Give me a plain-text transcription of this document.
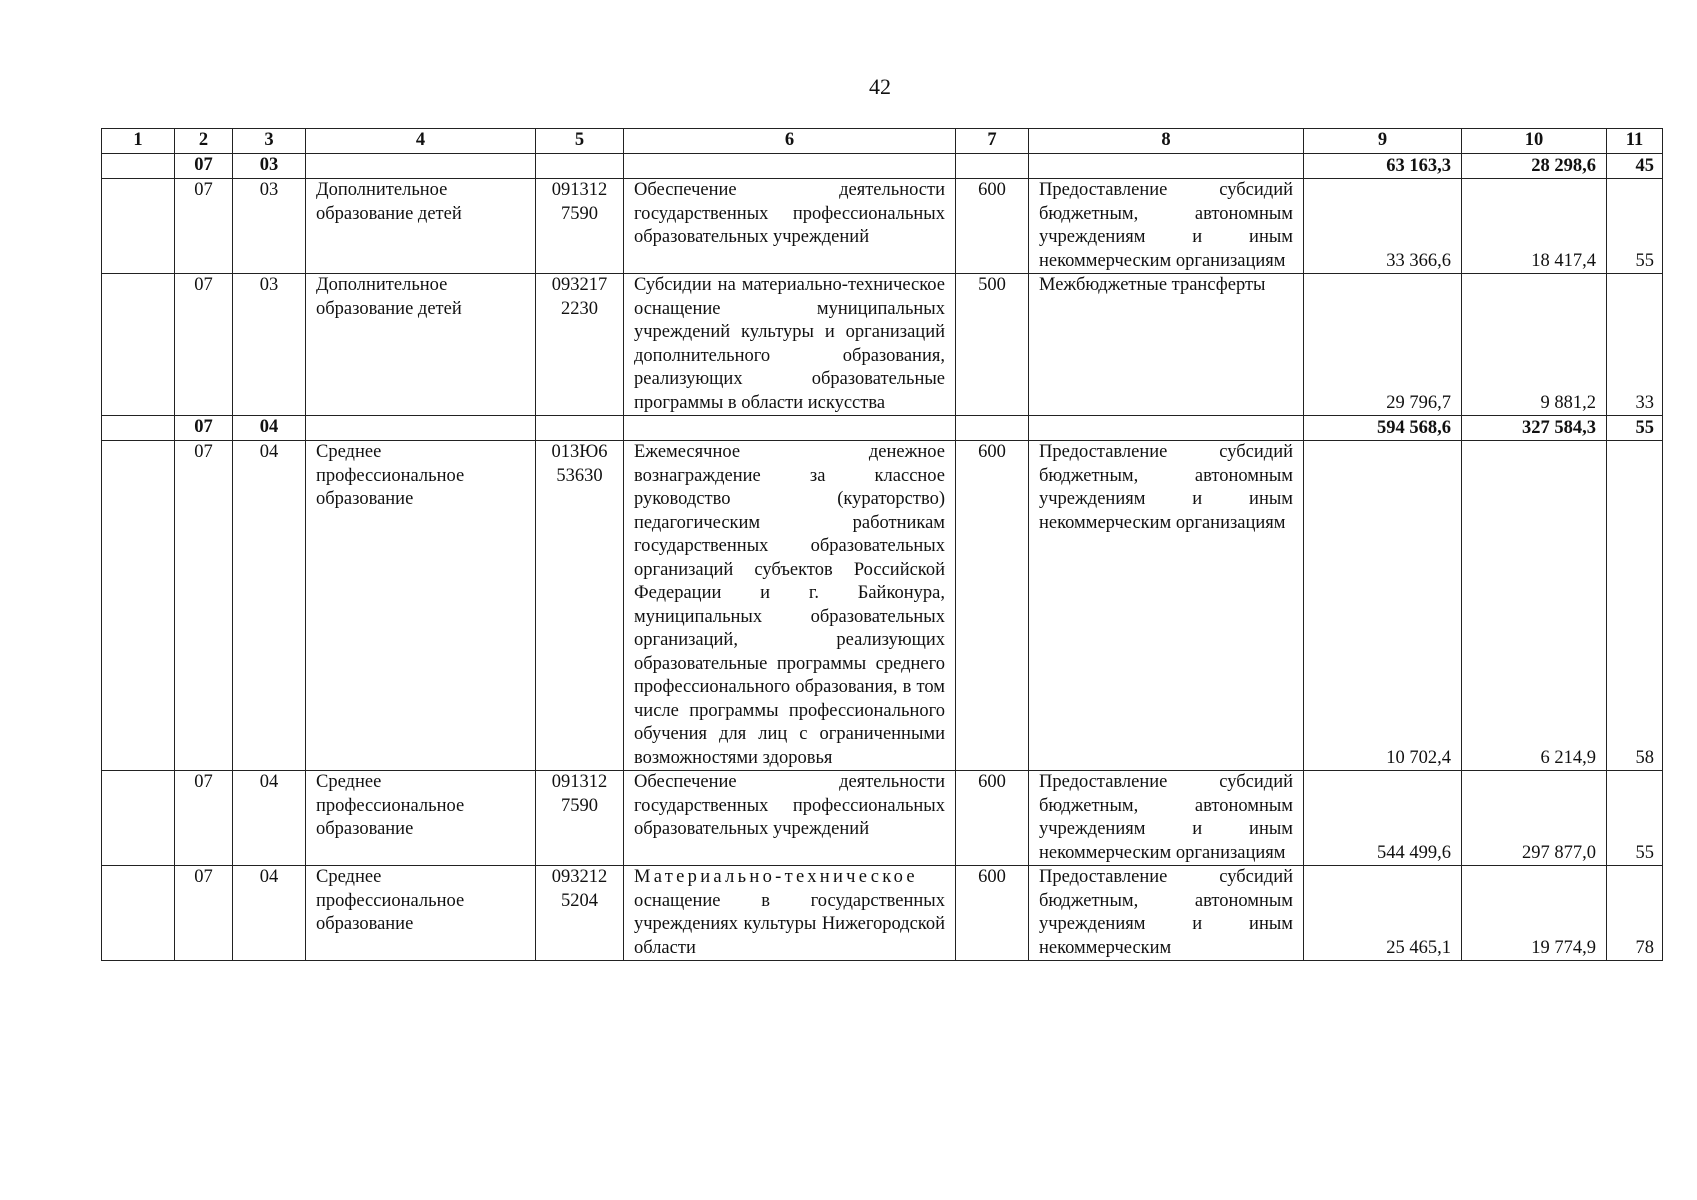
42
1	2	3	4	5	6	7	8	9	10	11
	07	03						63 163,3	28 298,6	45
	07	03	Дополнительное образование детей	091312 7590	Обеспечение деятельности государственных профессиональных образовательных учреждений	600	Предоставление субсидий бюджетным, автономным учреждениям и иным некоммерческим организациям	33 366,6	18 417,4	55
	07	03	Дополнительное образование детей	093217 2230	Субсидии на материально-техническое оснащение муниципальных учреждений культуры и организаций дополнительного образования, реализующих образовательные программы в области искусства	500	Межбюджетные трансферты	29 796,7	9 881,2	33
	07	04						594 568,6	327 584,3	55
	07	04	Среднее профессиональное образование	013Ю6 53630	Ежемесячное денежное вознаграждение за классное руководство (кураторство) педагогическим работникам государственных образовательных организаций субъектов Российской Федерации и г. Байконура, муниципальных образовательных организаций, реализующих образовательные программы среднего профессионального образования, в том числе программы профессионального обучения для лиц с ограниченными возможностями здоровья	600	Предоставление субсидий бюджетным, автономным учреждениям и иным некоммерческим организациям	10 702,4	6 214,9	58
	07	04	Среднее профессиональное образование	091312 7590	Обеспечение деятельности государственных профессиональных образовательных учреждений	600	Предоставление субсидий бюджетным, автономным учреждениям и иным некоммерческим организациям	544 499,6	297 877,0	55
	07	04	Среднее профессиональное образование	093212 5204	Материально-техническое оснащение в государственных учреждениях культуры Нижегородской области	600	Предоставление субсидий бюджетным, автономным учреждениям и иным некоммерческим	25 465,1	19 774,9	78
